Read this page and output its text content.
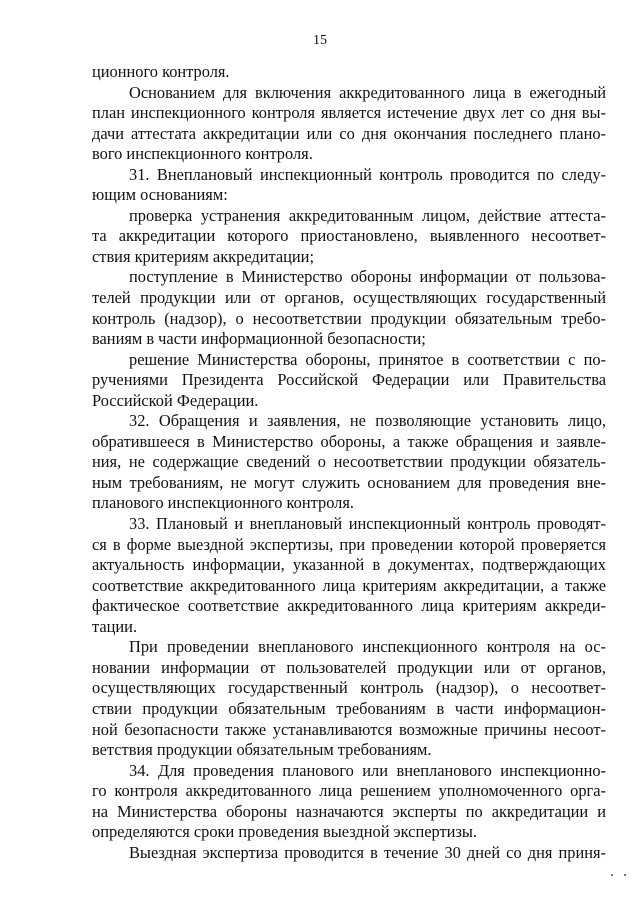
15
ционного контроля.
Основанием для включения аккредитованного лица в ежегодный
план инспекционного контроля является истечение двух лет со дня вы-
дачи аттестата аккредитации или со дня окончания последнего плано-
вого инспекционного контроля.
31. Внеплановый инспекционный контроль проводится по следу-
ющим основаниям:
проверка устранения аккредитованным лицом, действие аттеста-
та аккредитации которого приостановлено, выявленного несоответ-
ствия критериям аккредитации;
поступление в Министерство обороны информации от пользова-
телей продукции или от органов, осуществляющих государственный
контроль (надзор), о несоответствии продукции обязательным требо-
ваниям в части информационной безопасности;
решение Министерства обороны, принятое в соответствии с по-
ручениями Президента Российской Федерации или Правительства
Российской Федерации.
32. Обращения и заявления, не позволяющие установить лицо,
обратившееся в Министерство обороны, а также обращения и заявле-
ния, не содержащие сведений о несоответствии продукции обязатель-
ным требованиям, не могут служить основанием для проведения вне-
планового инспекционного контроля.
33. Плановый и внеплановый инспекционный контроль проводят-
ся в форме выездной экспертизы, при проведении которой проверяется
актуальность информации, указанной в документах, подтверждающих
соответствие аккредитованного лица критериям аккредитации, а также
фактическое соответствие аккредитованного лица критериям аккреди-
тации.
При проведении внепланового инспекционного контроля на ос-
новании информации от пользователей продукции или от органов,
осуществляющих государственный контроль (надзор), о несоответ-
ствии продукции обязательным требованиям в части информацион-
ной безопасности также устанавливаются возможные причины несоот-
ветствия продукции обязательным требованиям.
34. Для проведения планового или внепланового инспекционно-
го контроля аккредитованного лица решением уполномоченного орга-
на Министерства обороны назначаются эксперты по аккредитации и
определяются сроки проведения выездной экспертизы.
Выездная экспертиза проводится в течение 30 дней со дня приня-
